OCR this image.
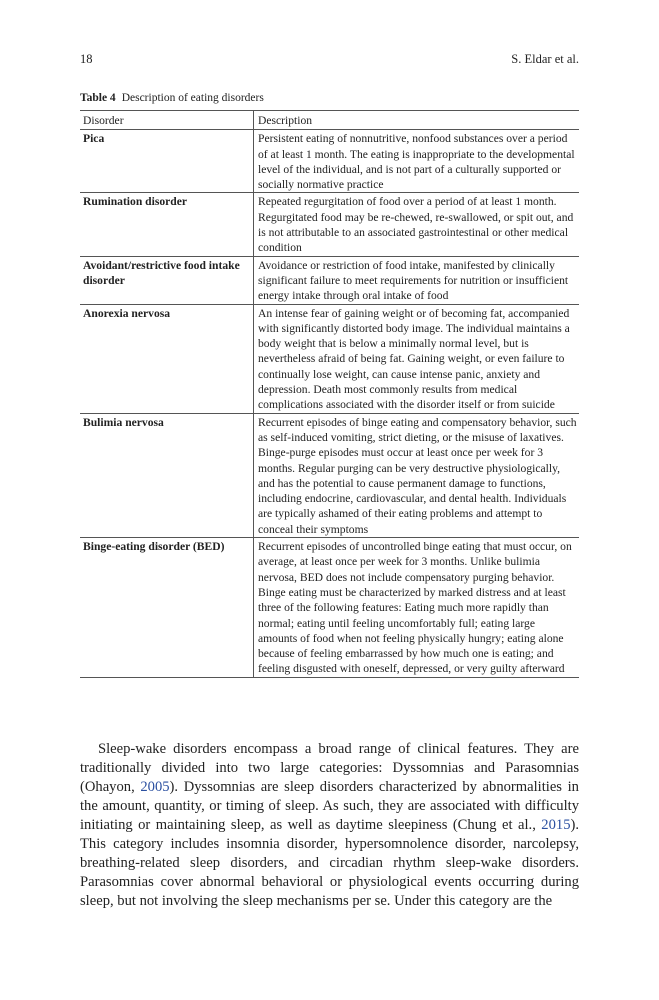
18	S. Eldar et al.
Table 4 Description of eating disorders
Disorder	Description
Pica	Persistent eating of nonnutritive, nonfood substances over a period of at least 1 month. The eating is inappropriate to the developmental level of the individual, and is not part of a culturally supported or socially normative practice
Rumination disorder	Repeated regurgitation of food over a period of at least 1 month. Regurgitated food may be re-chewed, re-swallowed, or spit out, and is not attributable to an associated gastrointestinal or other medical condition
Avoidant/restrictive food intake disorder	Avoidance or restriction of food intake, manifested by clinically significant failure to meet requirements for nutrition or insufficient energy intake through oral intake of food
Anorexia nervosa	An intense fear of gaining weight or of becoming fat, accompanied with significantly distorted body image. The individual maintains a body weight that is below a minimally normal level, but is nevertheless afraid of being fat. Gaining weight, or even failure to continually lose weight, can cause intense panic, anxiety and depression. Death most commonly results from medical complications associated with the disorder itself or from suicide
Bulimia nervosa	Recurrent episodes of binge eating and compensatory behavior, such as self-induced vomiting, strict dieting, or the misuse of laxatives. Binge-purge episodes must occur at least once per week for 3 months. Regular purging can be very destructive physiologically, and has the potential to cause permanent damage to functions, including endocrine, cardiovascular, and dental health. Individuals are typically ashamed of their eating problems and attempt to conceal their symptoms
Binge-eating disorder (BED)	Recurrent episodes of uncontrolled binge eating that must occur, on average, at least once per week for 3 months. Unlike bulimia nervosa, BED does not include compensatory purging behavior. Binge eating must be characterized by marked distress and at least three of the following features: Eating much more rapidly than normal; eating until feeling uncomfortably full; eating large amounts of food when not feeling physically hungry; eating alone because of feeling embarrassed by how much one is eating; and feeling disgusted with oneself, depressed, or very guilty afterward

Sleep-wake disorders encompass a broad range of clinical features. They are traditionally divided into two large categories: Dyssomnias and Parasomnias (Ohayon, 2005). Dyssomnias are sleep disorders characterized by abnormalities in the amount, quantity, or timing of sleep. As such, they are associated with difficulty initiating or maintaining sleep, as well as daytime sleepiness (Chung et al., 2015). This category includes insomnia disorder, hypersomnolence disorder, narcolepsy, breathing-related sleep disorders, and circadian rhythm sleep-wake disorders. Parasomnias cover abnormal behavioral or physiological events occurring during sleep, but not involving the sleep mechanisms per se. Under this category are the
